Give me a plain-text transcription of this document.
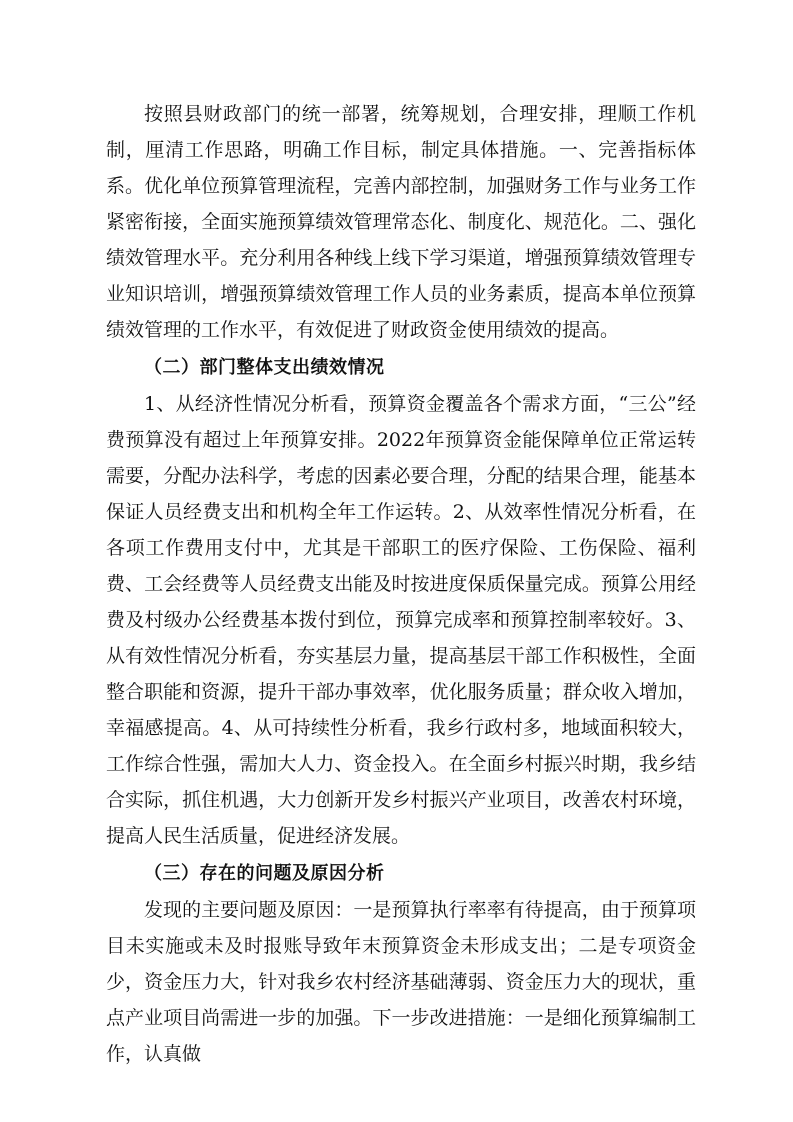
按照县财政部门的统一部署，统筹规划，合理安排，理顺工作机制，厘清工作思路，明确工作目标，制定具体措施。一、完善指标体系。优化单位预算管理流程，完善内部控制，加强财务工作与业务工作紧密衔接，全面实施预算绩效管理常态化、制度化、规范化。二、强化绩效管理水平。充分利用各种线上线下学习渠道，增强预算绩效管理专业知识培训，增强预算绩效管理工作人员的业务素质，提高本单位预算绩效管理的工作水平，有效促进了财政资金使用绩效的提高。

（二）部门整体支出绩效情况

1、从经济性情况分析看，预算资金覆盖各个需求方面，“三公”经费预算没有超过上年预算安排。2022年预算资金能保障单位正常运转需要，分配办法科学，考虑的因素必要合理，分配的结果合理，能基本保证人员经费支出和机构全年工作运转。2、从效率性情况分析看，在各项工作费用支付中，尤其是干部职工的医疗保险、工伤保险、福利费、工会经费等人员经费支出能及时按进度保质保量完成。预算公用经费及村级办公经费基本拨付到位，预算完成率和预算控制率较好。3、从有效性情况分析看，夯实基层力量，提高基层干部工作积极性，全面整合职能和资源，提升干部办事效率，优化服务质量；群众收入增加，幸福感提高。4、从可持续性分析看，我乡行政村多，地域面积较大，工作综合性强，需加大人力、资金投入。在全面乡村振兴时期，我乡结合实际，抓住机遇，大力创新开发乡村振兴产业项目，改善农村环境，提高人民生活质量，促进经济发展。

（三）存在的问题及原因分析

发现的主要问题及原因：一是预算执行率率有待提高，由于预算项目未实施或未及时报账导致年末预算资金未形成支出；二是专项资金少，资金压力大，针对我乡农村经济基础薄弱、资金压力大的现状，重点产业项目尚需进一步的加强。下一步改进措施：一是细化预算编制工作，认真做
